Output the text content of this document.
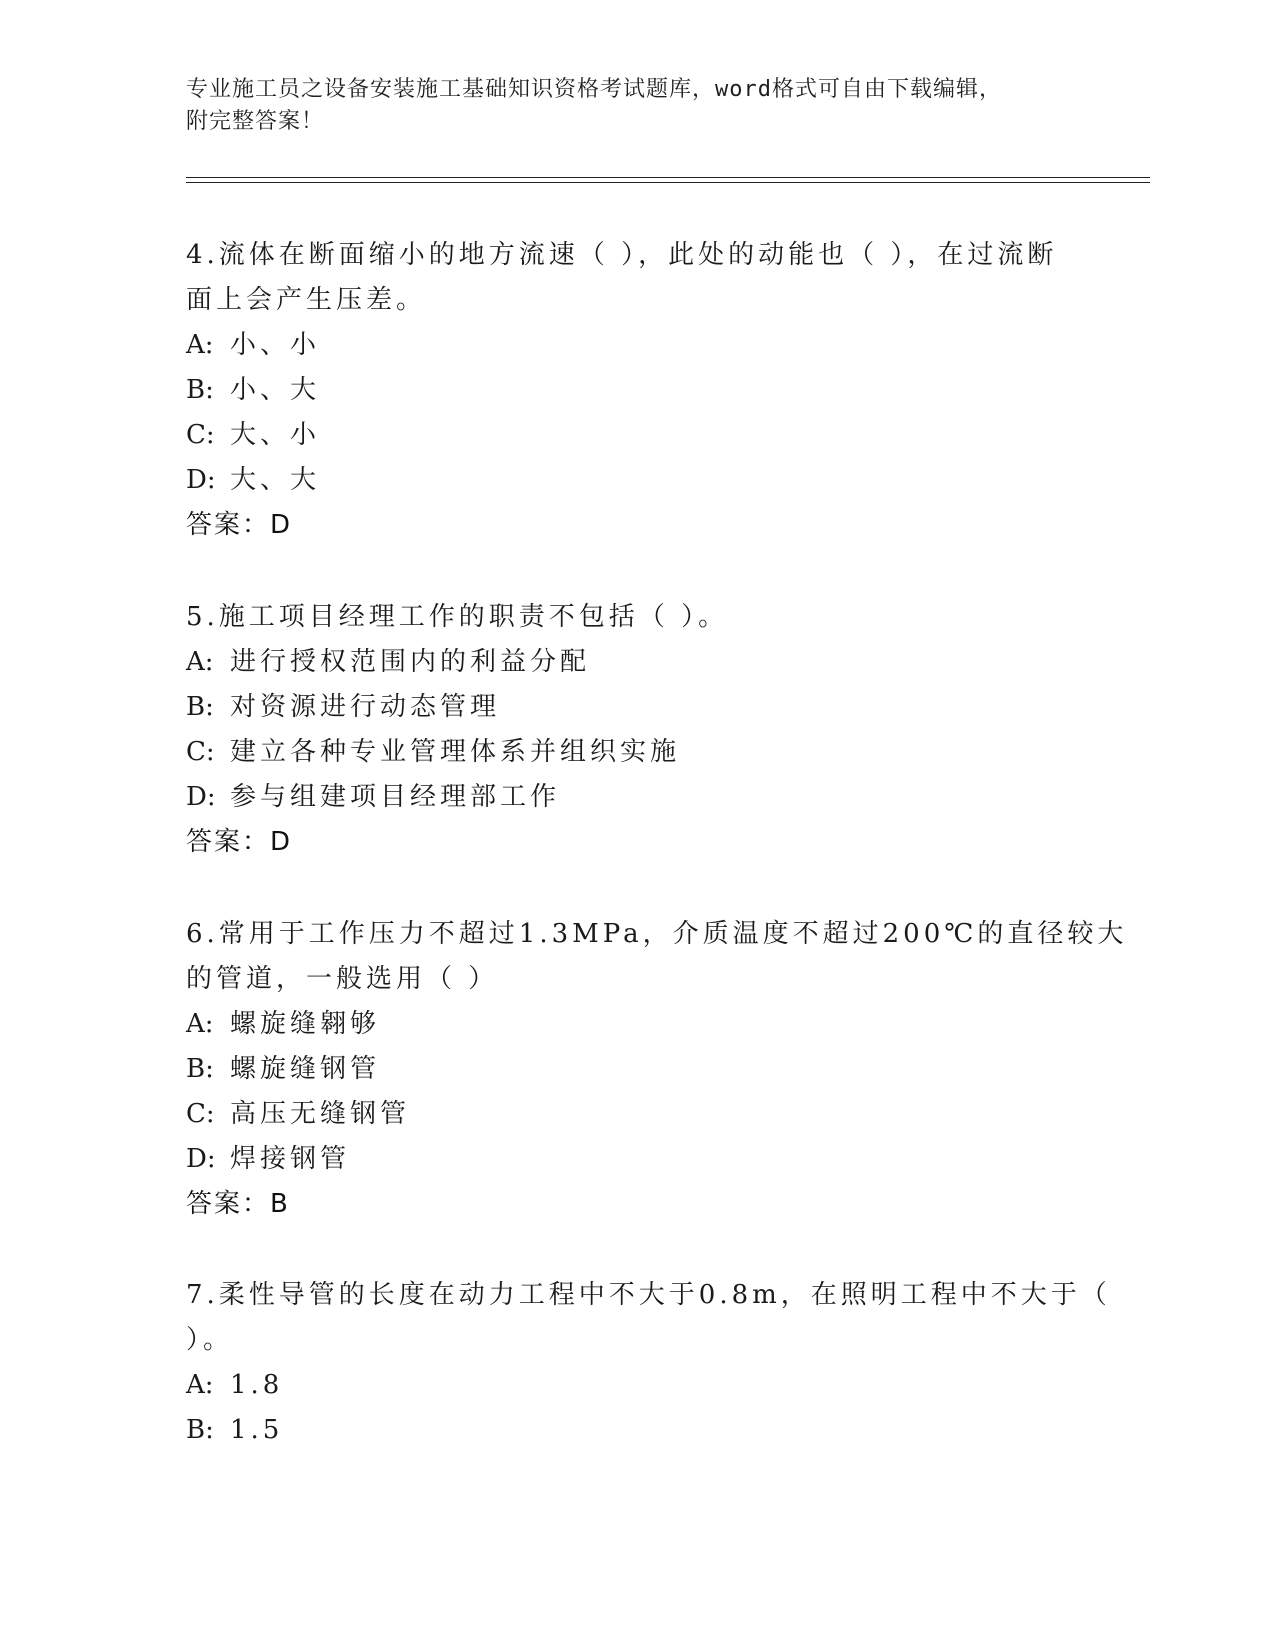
专业施工员之设备安装施工基础知识资格考试题库，word格式可自由下载编辑，
附完整答案！
4.流体在断面缩小的地方流速（ ），此处的动能也（ ），在过流断
面上会产生压差。
A: 小、小
B: 小、大
C: 大、小
D: 大、大
答案：D
5.施工项目经理工作的职责不包括（ ）。
A: 进行授权范围内的利益分配
B: 对资源进行动态管理
C: 建立各种专业管理体系并组织实施
D: 参与组建项目经理部工作
答案：D
6.常用于工作压力不超过1.3MPa，介质温度不超过200℃的直径较大
的管道，一般选用（ ）
A: 螺旋缝翱够
B: 螺旋缝钢管
C: 高压无缝钢管
D: 焊接钢管
答案：B
7.柔性导管的长度在动力工程中不大于0.8m，在照明工程中不大于（
）。
A: 1.8
B: 1.5
